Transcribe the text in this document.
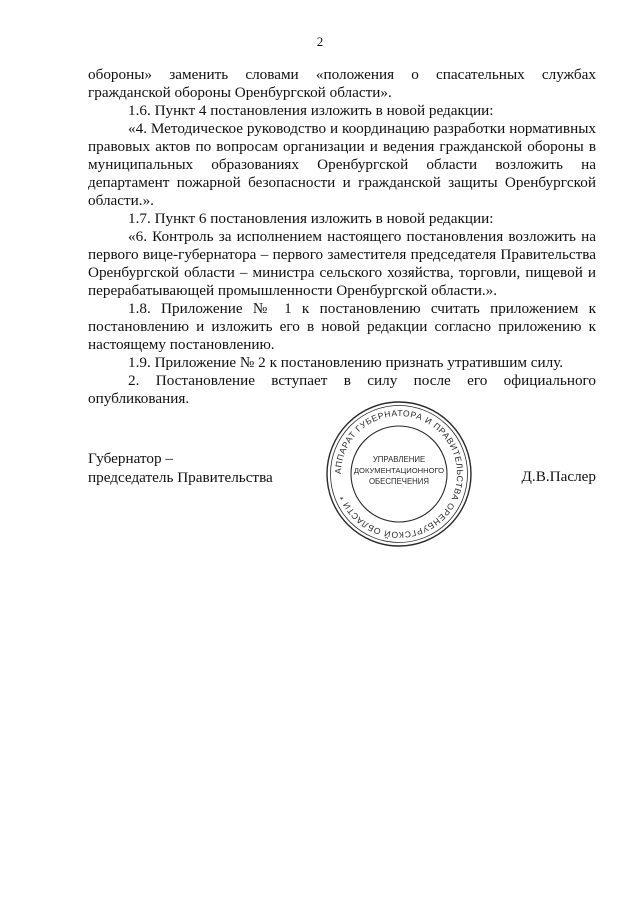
2

обороны» заменить словами «положения о спасательных службах гражданской обороны Оренбургской области».

1.6. Пункт 4 постановления изложить в новой редакции:

«4. Методическое руководство и координацию разработки нормативных правовых актов по вопросам организации и ведения гражданской обороны в муниципальных образованиях Оренбургской области возложить на департамент пожарной безопасности и гражданской защиты Оренбургской области.».

1.7. Пункт 6 постановления изложить в новой редакции:

«6. Контроль за исполнением настоящего постановления возложить на первого вице-губернатора – первого заместителя председателя Правительства Оренбургской области – министра сельского хозяйства, торговли, пищевой и перерабатывающей промышленности Оренбургской области.».

1.8. Приложение № 1 к постановлению считать приложением к постановлению и изложить его в новой редакции согласно приложению к настоящему постановлению.

1.9. Приложение № 2 к постановлению признать утратившим силу.

2. Постановление вступает в силу после его официального опубликования.

Губернатор –
председатель Правительства	Д.В.Паслер
АППАРАТ ГУБЕРНАТОРА И ПРАВИТЕЛЬСТВА ОРЕНБУРГСКОЙ ОБЛАСТИ *
УПРАВЛЕНИЕ
ДОКУМЕНТАЦИОННОГО
ОБЕСПЕЧЕНИЯ
